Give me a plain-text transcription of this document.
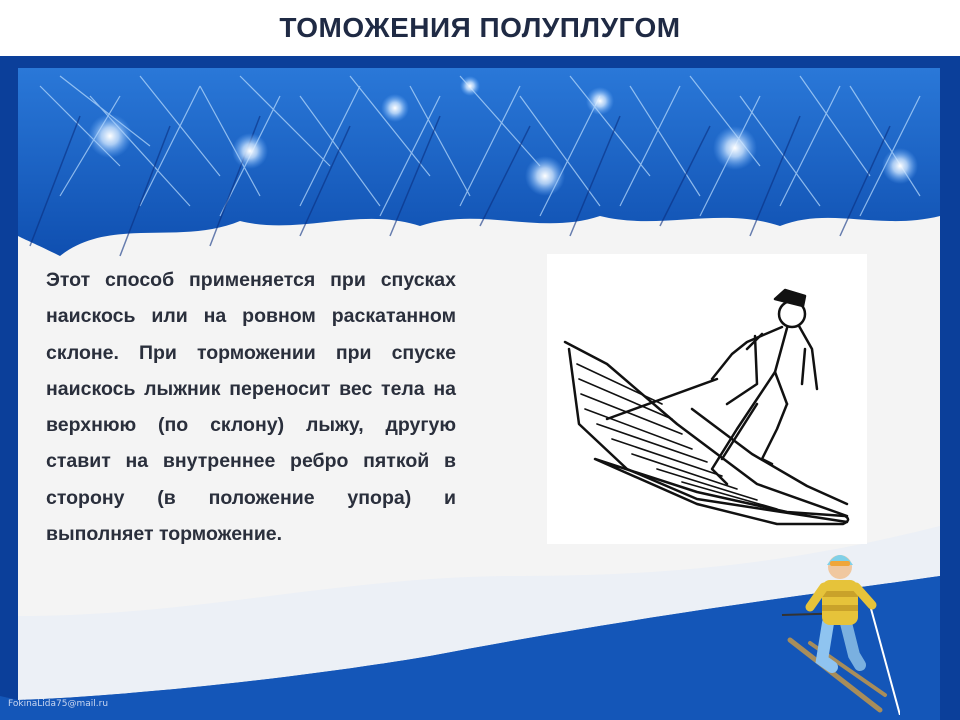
ТОМОЖЕНИЯ ПОЛУПЛУГОМ
Этот способ применяется при спусках наискось или на ровном раскатанном склоне. При торможении при спуске наискось лыжник переносит вес тела на верхнюю (по склону) лыжу, другую ставит на внутреннее ребро пяткой в сторону (в положение упора) и выполняет торможение.
FokinaLida75@mail.ru
